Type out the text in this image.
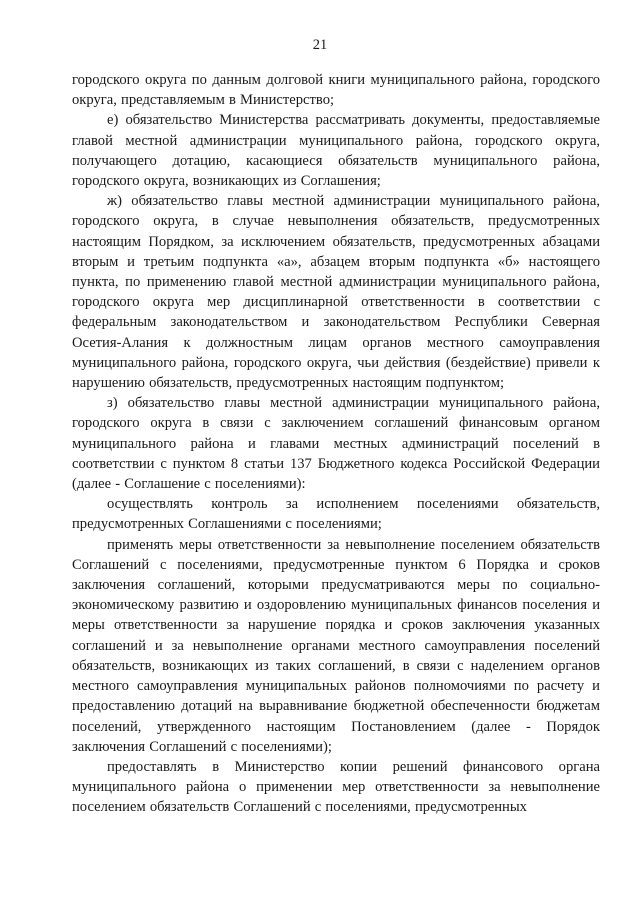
21

городского округа по данным долговой книги муниципального района, городского округа, представляемым в Министерство;

е) обязательство Министерства рассматривать документы, предоставляемые главой местной администрации муниципального района, городского округа, получающего дотацию, касающиеся обязательств муниципального района, городского округа, возникающих из Соглашения;

ж) обязательство главы местной администрации муниципального района, городского округа, в случае невыполнения обязательств, предусмотренных настоящим Порядком, за исключением обязательств, предусмотренных абзацами вторым и третьим подпункта «а», абзацем вторым подпункта «б» настоящего пункта, по применению главой местной администрации муниципального района, городского округа мер дисциплинарной ответственности в соответствии с федеральным законодательством и законодательством Республики Северная Осетия-Алания к должностным лицам органов местного самоуправления муниципального района, городского округа, чьи действия (бездействие) привели к нарушению обязательств, предусмотренных настоящим подпунктом;

з) обязательство главы местной администрации муниципального района, городского округа в связи с заключением соглашений финансовым органом муниципального района и главами местных администраций поселений в соответствии с пунктом 8 статьи 137 Бюджетного кодекса Российской Федерации (далее - Соглашение с поселениями):

осуществлять контроль за исполнением поселениями обязательств, предусмотренных Соглашениями с поселениями;

применять меры ответственности за невыполнение поселением обязательств Соглашений с поселениями, предусмотренные пунктом 6 Порядка и сроков заключения соглашений, которыми предусматриваются меры по социально-экономическому развитию и оздоровлению муниципальных финансов поселения и меры ответственности за нарушение порядка и сроков заключения указанных соглашений и за невыполнение органами местного самоуправления поселений обязательств, возникающих из таких соглашений, в связи с наделением органов местного самоуправления муниципальных районов полномочиями по расчету и предоставлению дотаций на выравнивание бюджетной обеспеченности бюджетам поселений, утвержденного настоящим Постановлением (далее - Порядок заключения Соглашений с поселениями);

предоставлять в Министерство копии решений финансового органа муниципального района о применении мер ответственности за невыполнение поселением обязательств Соглашений с поселениями, предусмотренных
